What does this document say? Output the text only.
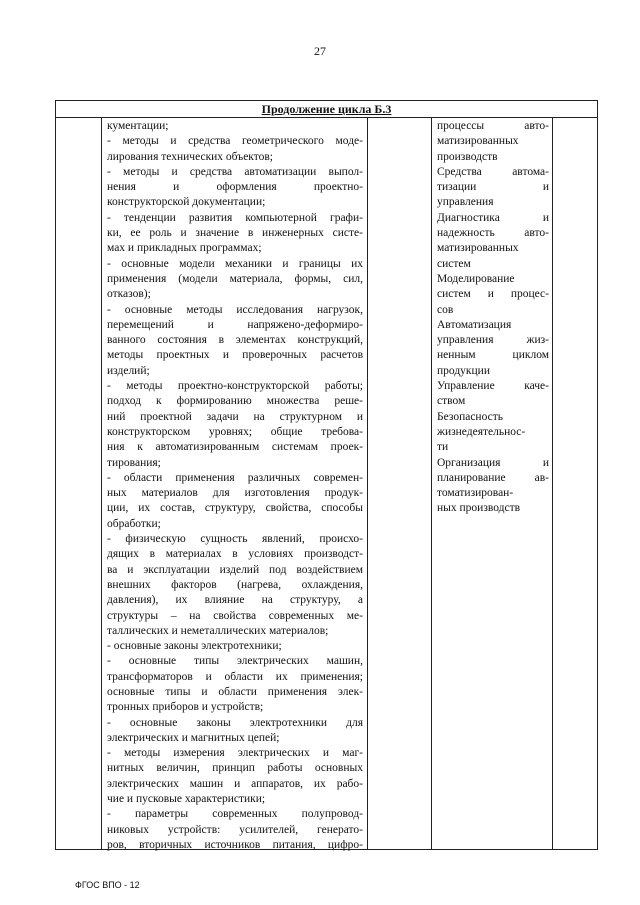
27
Продолжение цикла Б.3
кументации;
- методы и средства геометрического моде-
лирования технических объектов;
- методы и средства автоматизации выпол-
нения и оформления проектно-
конструкторской документации;
- тенденции развития компьютерной графи-
ки, ее роль и значение в инженерных систе-
мах и прикладных программах;
- основные модели механики и границы их
применения (модели материала, формы, сил,
отказов);
- основные методы исследования нагрузок,
перемещений и напряжено-деформиро-
ванного состояния в элементах конструкций,
методы проектных и проверочных расчетов
изделий;
- методы проектно-конструкторской работы;
подход к формированию множества реше-
ний проектной задачи на структурном и
конструкторском уровнях; общие требова-
ния к автоматизированным системам проек-
тирования;
- области применения различных современ-
ных материалов для изготовления продук-
ции, их состав, структуру, свойства, способы
обработки;
- физическую сущность явлений, происхо-
дящих в материалах в условиях производст-
ва и эксплуатации изделий под воздействием
внешних факторов (нагрева, охлаждения,
давления), их влияние на структуру, а
структуры – на свойства современных ме-
таллических и неметаллических материалов;
- основные законы электротехники;
- основные типы электрических машин,
трансформаторов и области их применения;
основные типы и области применения элек-
тронных приборов и устройств;
- основные законы электротехники для
электрических и магнитных цепей;
- методы измерения электрических и маг-
нитных величин, принцип работы основных
электрических машин и аппаратов, их рабо-
чие и пусковые характеристики;
- параметры современных полупровод-
никовых устройств: усилителей, генерато-
ров, вторичных источников питания, цифро-
процессы авто-
матизированных
производств
Средства автома-
тизации и
управления
Диагностика и
надежность авто-
матизированных
систем
Моделирование
систем и процес-
сов
Автоматизация
управления жиз-
ненным циклом
продукции
Управление каче-
ством
Безопасность
жизнедеятельнос-
ти
Организация и
планирование ав-
томатизирован-
ных производств
ФГОС ВПО - 12
